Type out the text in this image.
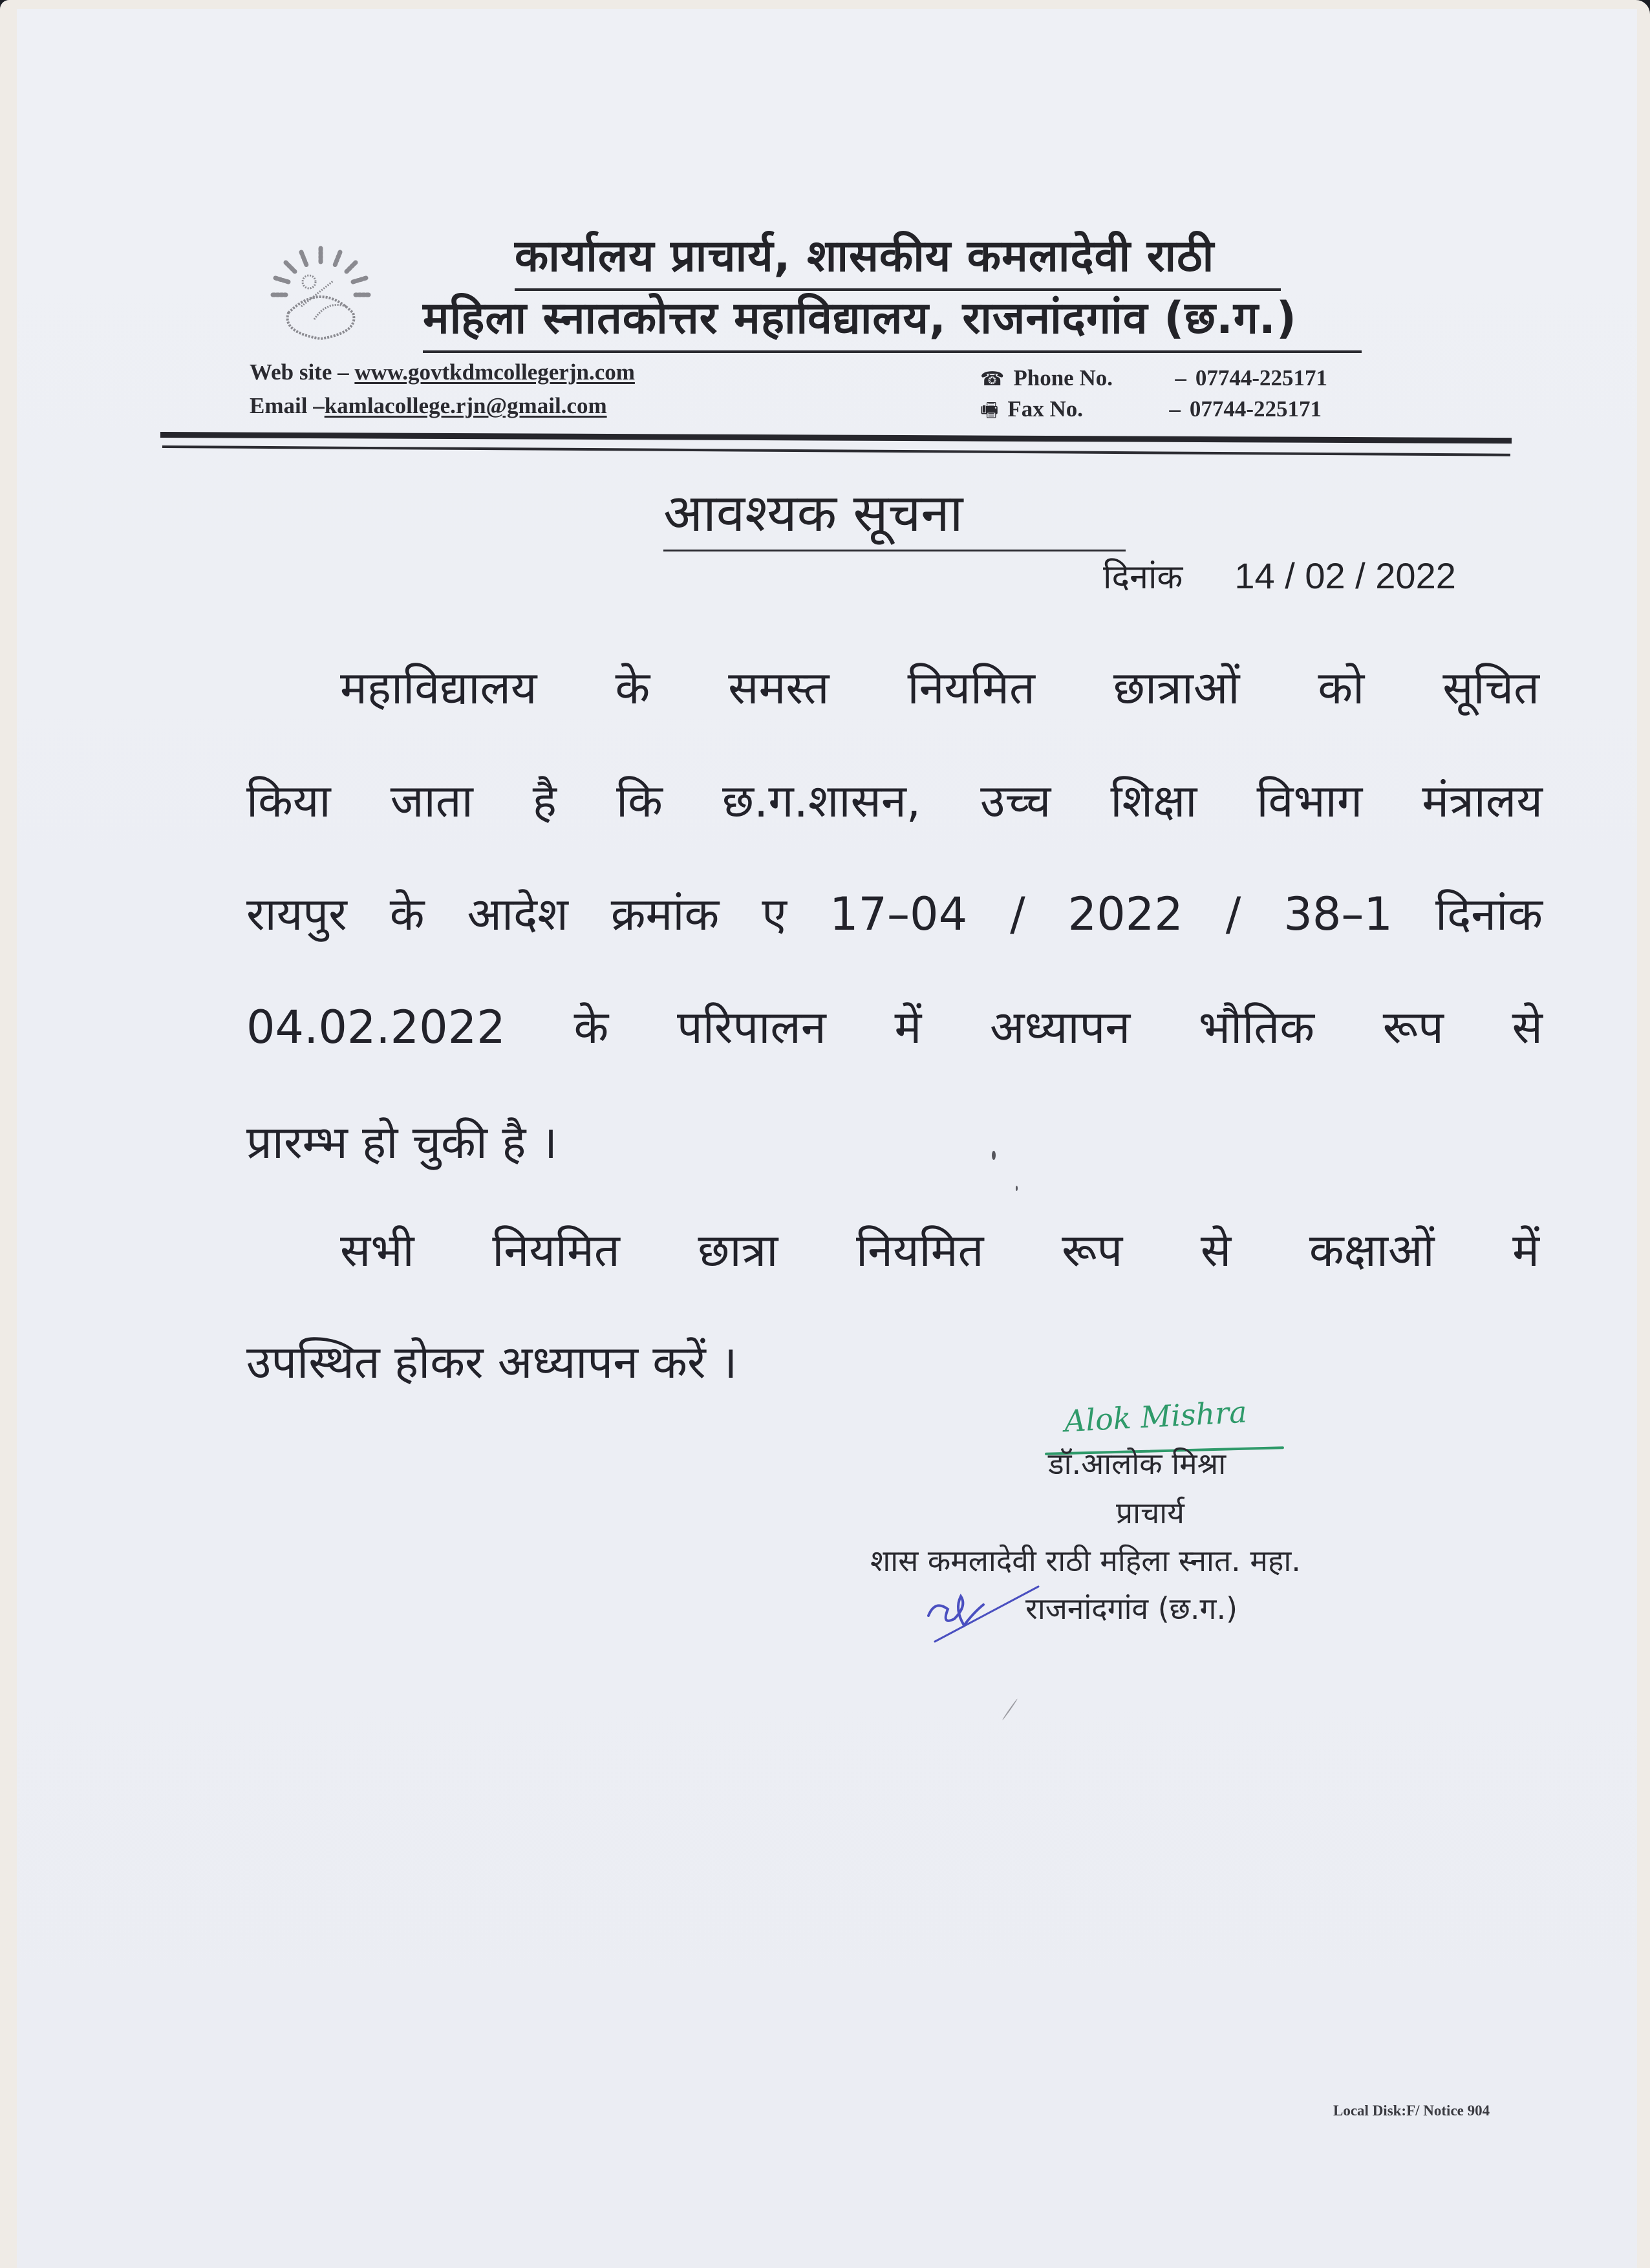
कार्यालय प्राचार्य, शासकीय कमलादेवी राठी
महिला स्नातकोत्तर महाविद्यालय, राजनांदगांव (छ.ग.)
Web site – www.govtkdmcollegerjn.com
Email –kamlacollege.rjn@gmail.com
☎ Phone No.	– 07744-225171
🖷 Fax No.	– 07744-225171
आवश्यक सूचना
दिनांक 14 / 02 / 2022
महाविद्यालय के समस्त नियमित छात्राओं को सूचित
किया जाता है कि छ.ग.शासन, उच्च शिक्षा विभाग मंत्रालय
रायपुर के आदेश क्रमांक ए 17–04 / 2022 / 38–1 दिनांक
04.02.2022 के परिपालन में अध्यापन भौतिक रूप से
प्रारम्भ हो चुकी है ।
सभी नियमित छात्रा नियमित रूप से कक्षाओं में
उपस्थित होकर अध्यापन करें ।
Alok Mishra
डॉ.आलोक मिश्रा
प्राचार्य
शास कमलादेवी राठी महिला स्नात. महा.
राजनांदगांव (छ.ग.)
Local Disk:F/ Notice 904
